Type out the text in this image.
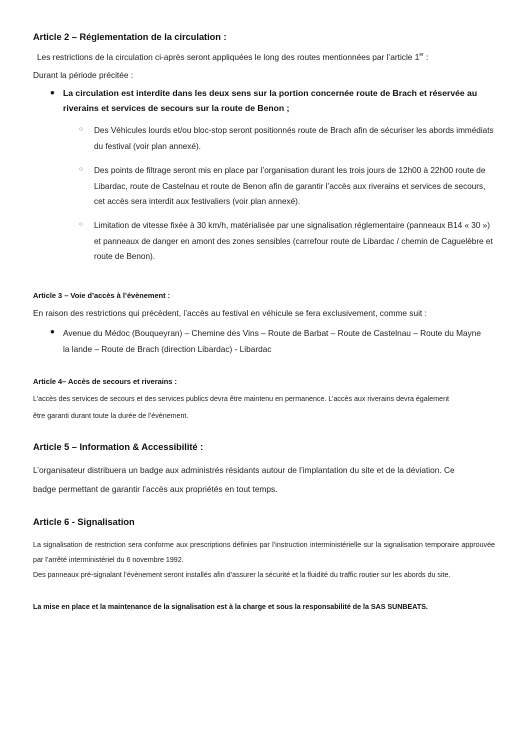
Article 2 – Réglementation de la circulation :
Les restrictions de la circulation ci-après seront appliquées le long des routes mentionnées par l’article 1er :
Durant la période précitée :
● La circulation est interdite dans les deux sens sur la portion concernée route de Brach et réservée au riverains et services de secours sur la route de Benon ;
○ Des Véhicules lourds et/ou bloc-stop seront positionnés route de Brach afin de sécuriser les abords immédiats du festival (voir plan annexé).
○ Des points de filtrage seront mis en place par l’organisation durant les trois jours de 12h00 à 22h00 route de Libardac, route de Castelnau et route de Benon afin de garantir l’accès aux riverains et services de secours, cet accès sera interdit aux festivaliers (voir plan annexé).
○ Limitation de vitesse fixée à 30 km/h, matérialisée par une signalisation réglementaire (panneaux B14 « 30 ») et panneaux de danger en amont des zones sensibles (carrefour route de Libardac / chemin de Caguelèbre et route de Benon).
Article 3 – Voie d’accès à l’évènement :
En raison des restrictions qui précèdent, l’accès au festival en véhicule se fera exclusivement, comme suit :
● Avenue du Médoc (Bouqueyran) – Chemine des Vins – Route de Barbat – Route de Castelnau – Route du Mayne la lande – Route de Brach (direction Libardac) - Libardac
Article 4– Accès de secours et riverains :
L’accès des services de secours et des services publics devra être maintenu en permanence. L’accès aux riverains devra également
être garanti durant toute la durée de l’évènement.
Article 5 – Information & Accessibilité :
L’organisateur distribuera un badge aux administrés résidants autour de l’implantation du site et de la déviation. Ce
badge permettant de garantir l’accès aux propriétés en tout temps.
Article 6 - Signalisation
La signalisation de restriction sera conforme aux prescriptions définies par l’instruction interministérielle sur la signalisation temporaire approuvée par l’arrêté interministériel du 6 novembre 1992.
Des panneaux pré-signalant l’évènement seront installés afin d’assurer la sécurité et la fluidité du traffic routier sur les abords du site.
La mise en place et la maintenance de la signalisation est à la charge et sous la responsabilité de la SAS SUNBEATS.
